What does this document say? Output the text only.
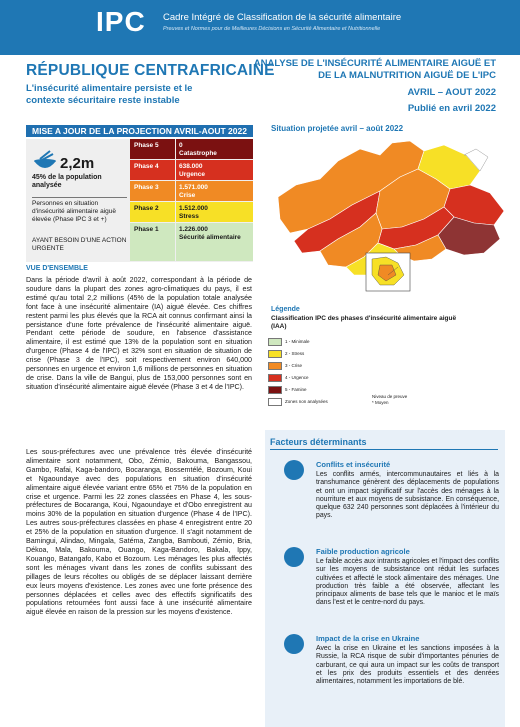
IPC Cadre Intégré de Classification de la sécurité alimentaire
Preuves et Normes pour de Meilleures Décisions en Sécurité Alimentaire et Nutritionnelle
RÉPUBLIQUE CENTRAFRICAINE
L'insécurité alimentaire persiste et le contexte sécuritaire reste instable
ANALYSE DE L'INSÉCURITÉ ALIMENTAIRE AIGUË ET DE LA MALNUTRITION AIGUË DE L'IPC
AVRIL – AOUT 2022
Publié en avril 2022
MISE A JOUR DE LA PROJECTION AVRIL-AOUT 2022
2,2m
45% de la population analysée
Personnes en situation d'insécurité alimentaire aiguë élevée (Phase IPC 3 et +)
AYANT BESOIN D'UNE ACTION URGENTE
Phase 5	0
Catastrophe
Phase 4	638.000
Urgence
Phase 3	1.571.000
Crise
Phase 2	1.512.000
Stress
Phase 1	1.226.000
Sécurité alimentaire
Situation projetée avril – août 2022
Légende
Classification IPC des phases d'insécurité alimentaire aiguë (IAA)
1 - Minimale
2 - Stress
3 - Crise
4 - Urgence
5 - Famine
Zones non analysées
Niveau de preuve
* Moyen
VUE D'ENSEMBLE
Dans la période d'avril à août 2022, correspondant à la période de soudure dans la plupart des zones agro-climatiques du pays, il est estimé qu'au total 2,2 millions (45% de la population totale analysée font face à une insécurité alimentaire (IA) aiguë élevée. Ces chiffres restent parmi les plus élevés que la RCA ait connus confirmant ainsi la persistance d'une forte prévalence de l'insécurité alimentaire aiguë. Pendant cette période de soudure, en l'absence d'assistance alimentaire, il est estimé que 13% de la population sont en situation d'urgence (Phase 4 de l'IPC) et 32% sont en situation de situation de crise (Phase 3 de l'IPC), soit respectivement environ 640,000 personnes en urgence et environ 1,6 millions de personnes en situation de crise. Dans la ville de Bangui, plus de 153,000 personnes sont en situation d'insécurité alimentaire aiguë élevée (Phase 3 et 4 de l'IPC).
Les sous-préfectures avec une prévalence très élevée d'insécurité alimentaire sont notamment, Obo, Zémio, Bakouma, Bangassou, Gambo, Rafai, Kaga-bandoro, Bocaranga, Bossemtélé, Bozoum, Koui et Ngaoundaye avec des populations en situation d'insécurité alimentaire aiguë élevée variant entre 65% et 75% de la population en crise et urgence. Parmi les 22 zones classées en Phase 4, les sous-préfectures de Bocaranga, Koui, Ngaoundaye et d'Obo enregistrent au moins 30% de la population en situation d'urgence (Phase 4 de l'IPC). Les autres sous-préfectures classées en phase 4 enregistrent entre 20 et 25% de la population en situation d'urgence. Il s'agit notamment de Bamingui, Alindao, Mingala, Satéma, Zangba, Bambouti, Zémio, Bria, Dékoa, Mala, Bakouma, Ouango, Kaga-Bandoro, Bakala, Ippy, Kouango, Batangafo, Kabo et Bozoum. Les ménages les plus affectés sont les ménages vivant dans les zones de conflits subissant des pillages de leurs récoltes ou obligés de se déplacer laissant derrière eux leurs moyens d'existence. Les zones avec une forte présence des personnes déplacées et celles avec des effectifs significatifs des populations retournées font aussi face à une insécurité alimentaire aiguë élevée en raison de la pression sur les moyens d'existence.
Facteurs déterminants
Conflits et insécurité
Les conflits armés, intercommunautaires et liés à la transhumance génèrent des déplacements de populations et ont un impact significatif sur l'accès des ménages à la nourriture et aux moyens de subsistance. En conséquence, quelque 632 240 personnes sont déplacées à l'intérieur du pays.
Faible production agricole
Le faible accès aux intrants agricoles et l'impact des conflits sur les moyens de subsistance ont réduit les surfaces cultivées et affecté le stock alimentaire des ménages. Une production très faible a été observée, affectant les principaux aliments de base tels que le manioc et le maïs dans l'est et le centre-nord du pays.
Impact de la crise en Ukraine
Avec la crise en Ukraine et les sanctions imposées à la Russie, la RCA risque de subir d'importantes pénuries de carburant, ce qui aura un impact sur les coûts de transport et les prix des produits essentiels et des denrées alimentaires, notamment les importations de blé.
